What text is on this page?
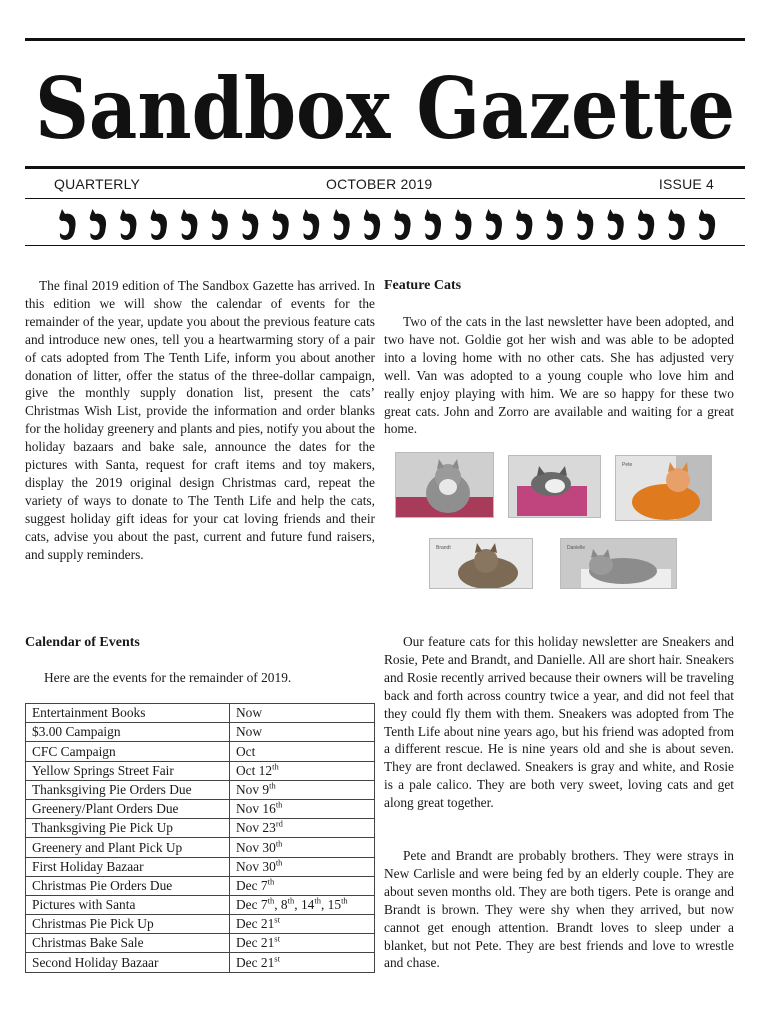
Sandbox Gazette
QUARTERLY	OCTOBER 2019	ISSUE 4
The final 2019 edition of The Sandbox Gazette has arrived. In this edition we will show the calendar of events for the remainder of the year, update you about the previous feature cats and introduce new ones, tell you a heartwarming story of a pair of cats adopted from The Tenth Life, inform you about another donation of litter, offer the status of the three-dollar campaign, give the monthly supply donation list, present the cats’ Christmas Wish List, provide the information and order blanks for the holiday greenery and plants and pies, notify you about the holiday bazaars and bake sale, announce the dates for the pictures with Santa, request for craft items and toy makers, display the 2019 original design Christmas card, repeat the variety of ways to donate to The Tenth Life and help the cats, suggest holiday gift ideas for your cat loving friends and their cats, advise you about the past, current and future fund raisers, and supply reminders.
Calendar of Events
Here are the events for the remainder of 2019.
Entertainment Books	Now
$3.00 Campaign	Now
CFC Campaign	Oct
Yellow Springs Street Fair	Oct 12th
Thanksgiving Pie Orders Due	Nov 9th
Greenery/Plant Orders Due	Nov 16th
Thanksgiving Pie Pick Up	Nov 23rd
Greenery and Plant Pick Up	Nov 30th
First Holiday Bazaar	Nov 30th
Christmas Pie Orders Due	Dec 7th
Pictures with Santa	Dec 7th, 8th, 14th, 15th
Christmas Pie Pick Up	Dec 21st
Christmas Bake Sale	Dec 21st
Second Holiday Bazaar	Dec 21st
Feature Cats
Two of the cats in the last newsletter have been adopted, and two have not. Goldie got her wish and was able to be adopted into a loving home with no other cats. She has adjusted very well. Van was adopted to a young couple who love him and really enjoy playing with him. We are so happy for these two great cats. John and Zorro are available and waiting for a great home.
Pete
Brandt	Danielle
Our feature cats for this holiday newsletter are Sneakers and Rosie, Pete and Brandt, and Danielle. All are short hair. Sneakers and Rosie recently arrived because their owners will be traveling back and forth across country twice a year, and did not feel that they could fly them with them. Sneakers was adopted from The Tenth Life about nine years ago, but his friend was adopted from a different rescue. He is nine years old and she is about seven. They are front declawed. Sneakers is gray and white, and Rosie is a pale calico. They are both very sweet, loving cats and get along great together.
Pete and Brandt are probably brothers. They were strays in New Carlisle and were being fed by an elderly couple. They are about seven months old. They are both tigers. Pete is orange and Brandt is brown. They were shy when they arrived, but now cannot get enough attention. Brandt loves to sleep under a blanket, but not Pete. They are best friends and love to wrestle and chase.
